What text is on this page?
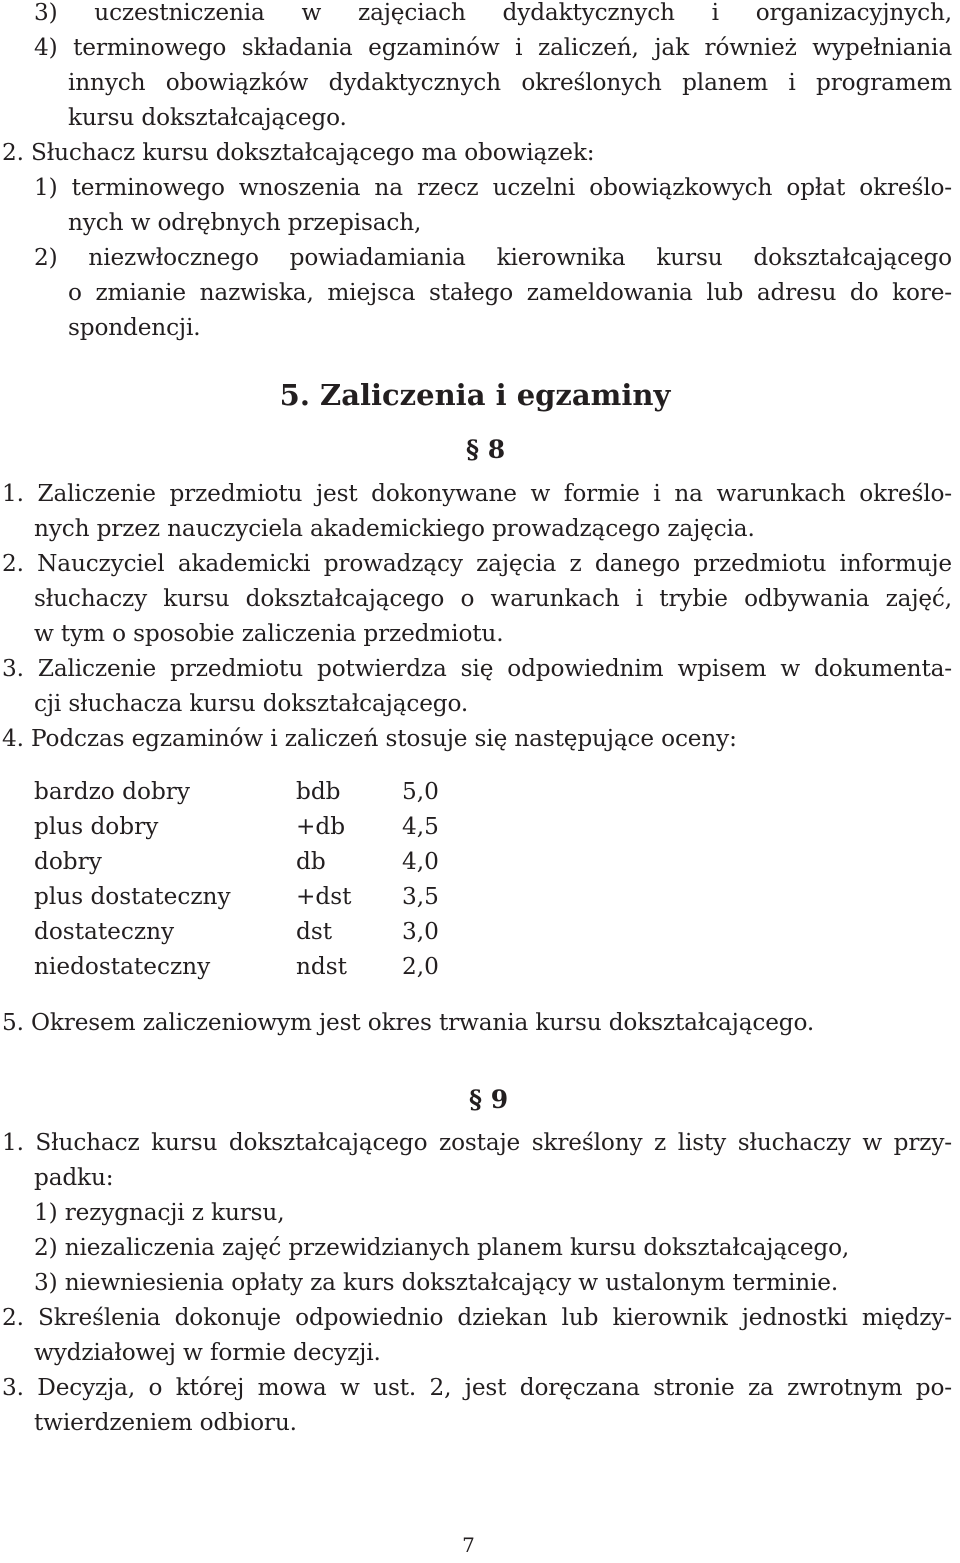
3) uczestniczenia w zajęciach dydaktycznych i organizacyjnych,
4) terminowego składania egzaminów i zaliczeń, jak również wypełniania
innych obowiązków dydaktycznych określonych planem i programem
kursu dokształcającego.
2. Słuchacz kursu dokształcającego ma obowiązek:
1) terminowego wnoszenia na rzecz uczelni obowiązkowych opłat określo-
nych w odrębnych przepisach,
2) niezwłocznego powiadamiania kierownika kursu dokształcającego
o zmianie nazwiska, miejsca stałego zameldowania lub adresu do kore-
spondencji.
5. Zaliczenia i egzaminy
§ 8
1. Zaliczenie przedmiotu jest dokonywane w formie i na warunkach określo-
nych przez nauczyciela akademickiego prowadzącego zajęcia.
2. Nauczyciel akademicki prowadzący zajęcia z danego przedmiotu informuje
słuchaczy kursu dokształcającego o warunkach i trybie odbywania zajęć,
w tym o sposobie zaliczenia przedmiotu.
3. Zaliczenie przedmiotu potwierdza się odpowiednim wpisem w dokumenta-
cji słuchacza kursu dokształcającego.
4. Podczas egzaminów i zaliczeń stosuje się następujące oceny:
bardzo dobry	bdb	5,0
plus dobry	+db 4,5
dobry	db	4,0
plus dostateczny	+dst 3,5
dostateczny	dst	3,0
niedostateczny	ndst 2,0
5. Okresem zaliczeniowym jest okres trwania kursu dokształcającego.
§ 9
1. Słuchacz kursu dokształcającego zostaje skreślony z listy słuchaczy w przy-
padku:
1) rezygnacji z kursu,
2) niezaliczenia zajęć przewidzianych planem kursu dokształcającego,
3) niewniesienia opłaty za kurs dokształcający w ustalonym terminie.
2. Skreślenia dokonuje odpowiednio dziekan lub kierownik jednostki między-
wydziałowej w formie decyzji.
3. Decyzja, o której mowa w ust. 2, jest doręczana stronie za zwrotnym po-
twierdzeniem odbioru.
7
